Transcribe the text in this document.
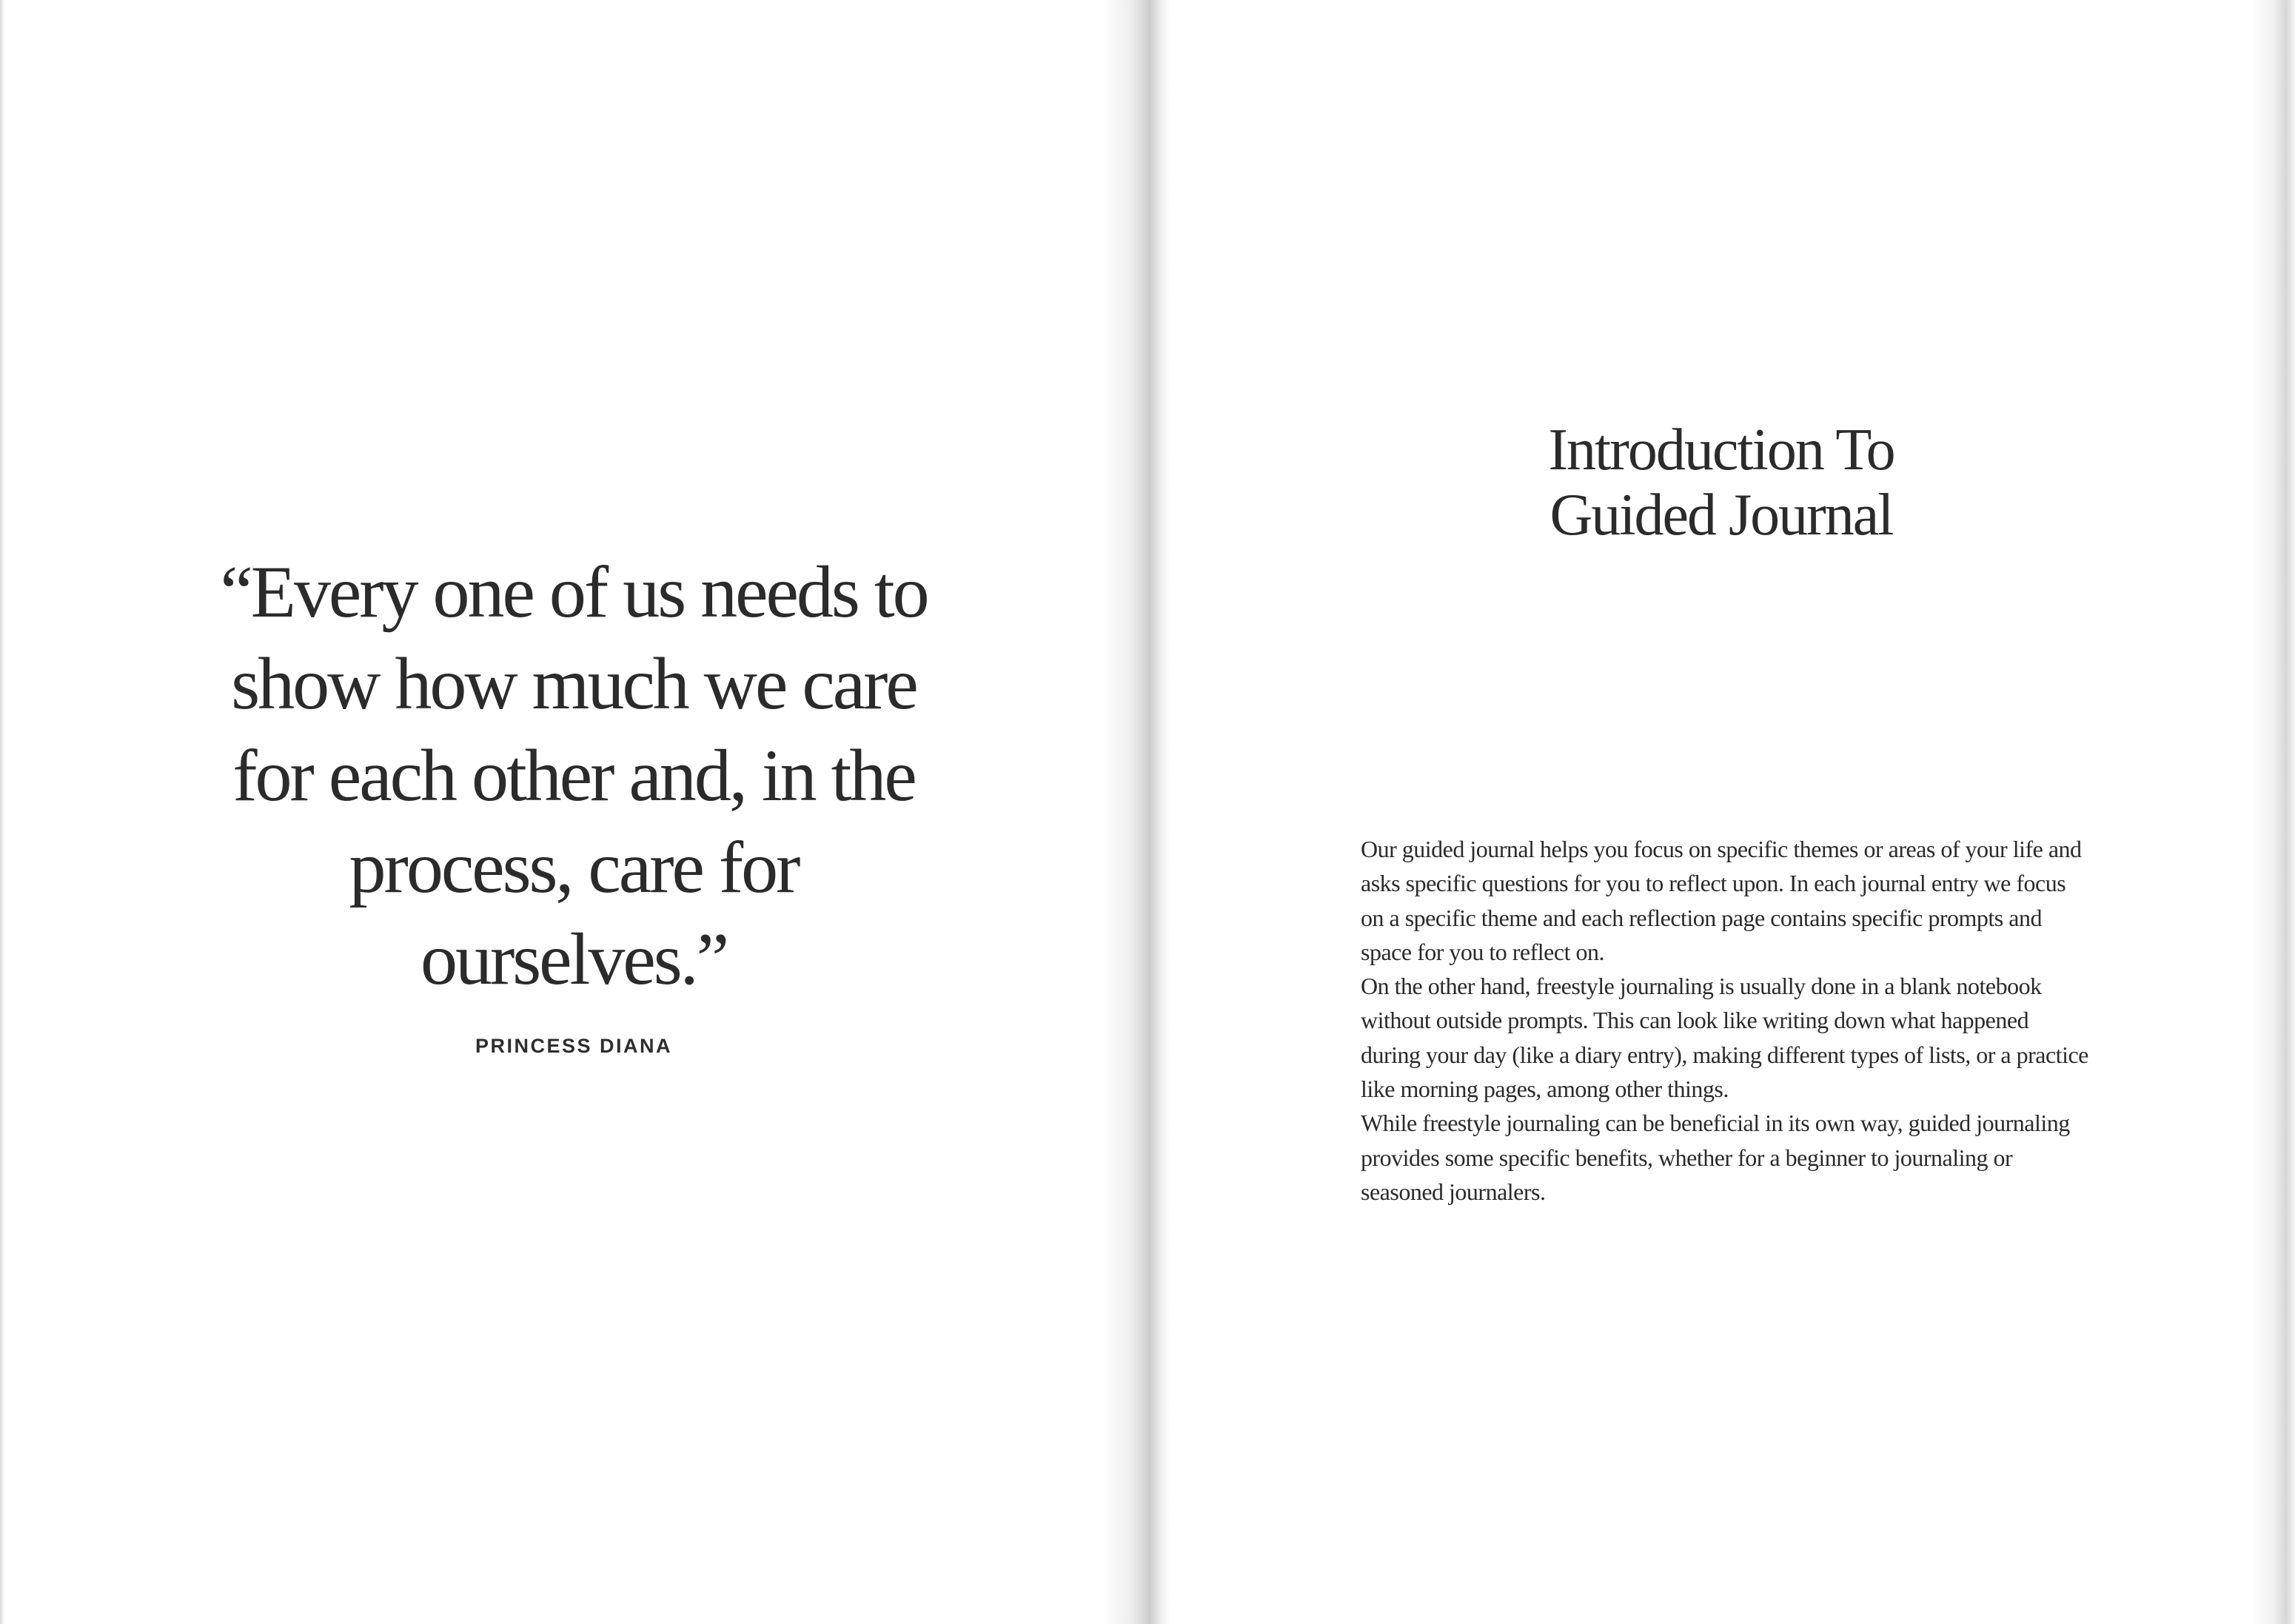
“Every one of us needs to show how much we care for each other and, in the process, care for ourselves.”
PRINCESS DIANA
Introduction To Guided Journal

Our guided journal helps you focus on specific themes or areas of your life and asks specific questions for you to reflect upon. In each journal entry we focus on a specific theme and each reflection page contains specific prompts and space for you to reflect on.

On the other hand, freestyle journaling is usually done in a blank notebook without outside prompts. This can look like writing down what happened during your day (like a diary entry), making different types of lists, or a practice like morning pages, among other things.

While freestyle journaling can be beneficial in its own way, guided journaling provides some specific benefits, whether for a beginner to journaling or seasoned journalers.
